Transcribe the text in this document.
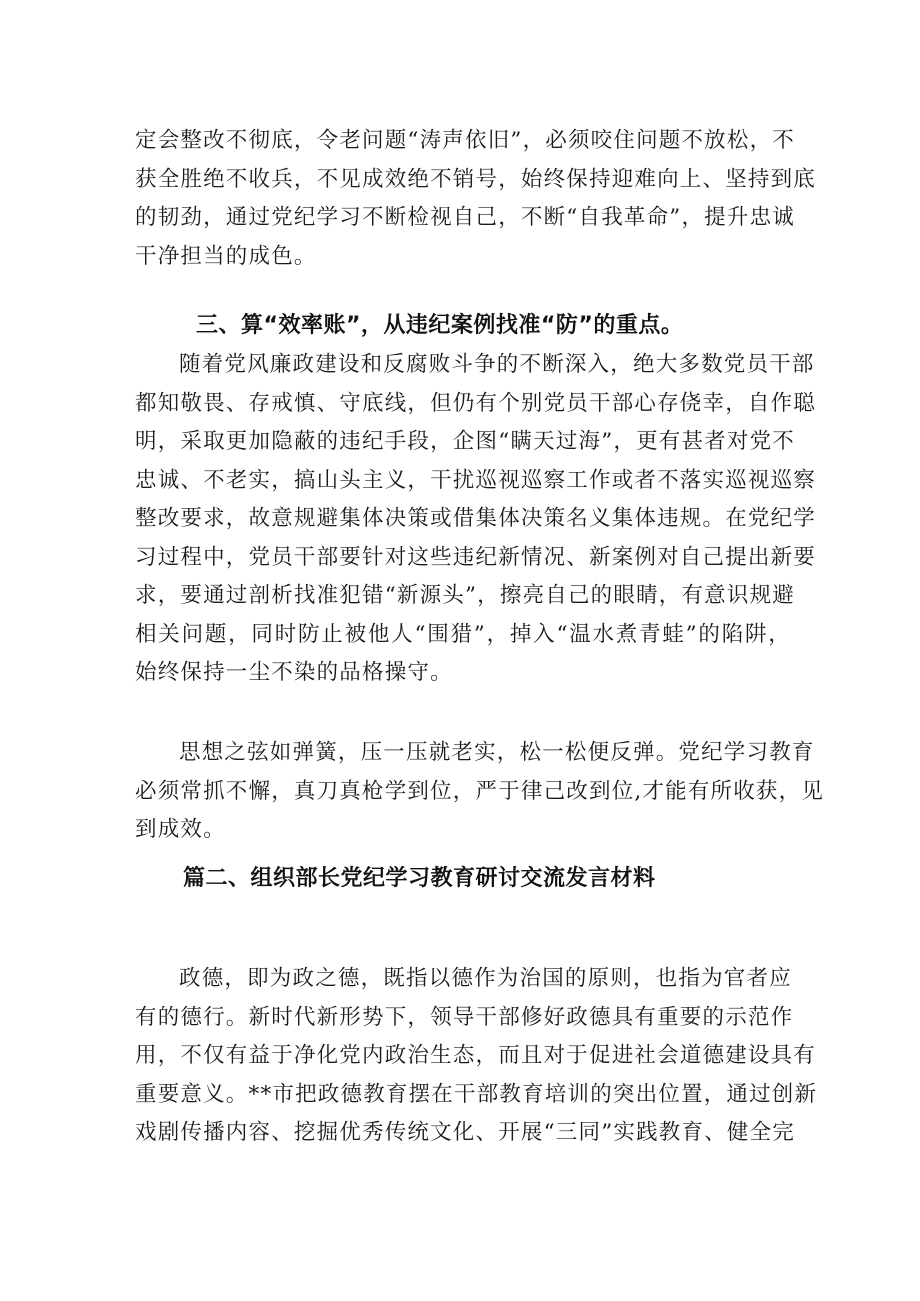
定会整改不彻底，令老问题“涛声依旧”，必须咬住问题不放松，不
获全胜绝不收兵，不见成效绝不销号，始终保持迎难向上、坚持到底
的韧劲，通过党纪学习不断检视自己，不断“自我革命”，提升忠诚
干净担当的成色。
三、算“效率账”，从违纪案例找准“防”的重点。
随着党风廉政建设和反腐败斗争的不断深入，绝大多数党员干部
都知敬畏、存戒慎、守底线，但仍有个别党员干部心存侥幸，自作聪
明，采取更加隐蔽的违纪手段，企图“瞒天过海”，更有甚者对党不
忠诚、不老实，搞山头主义，干扰巡视巡察工作或者不落实巡视巡察
整改要求，故意规避集体决策或借集体决策名义集体违规。在党纪学
习过程中，党员干部要针对这些违纪新情况、新案例对自己提出新要
求，要通过剖析找准犯错“新源头”，擦亮自己的眼睛，有意识规避
相关问题，同时防止被他人“围猎”，掉入“温水煮青蛙”的陷阱，
始终保持一尘不染的品格操守。
思想之弦如弹簧，压一压就老实，松一松便反弹。党纪学习教育
必须常抓不懈，真刀真枪学到位，严于律己改到位,才能有所收获，见
到成效。
篇二、组织部长党纪学习教育研讨交流发言材料
政德，即为政之德，既指以德作为治国的原则，也指为官者应
有的德行。新时代新形势下，领导干部修好政德具有重要的示范作
用，不仅有益于净化党内政治生态，而且对于促进社会道德建设具有
重要意义。**市把政德教育摆在干部教育培训的突出位置，通过创新
戏剧传播内容、挖掘优秀传统文化、开展“三同”实践教育、健全完
